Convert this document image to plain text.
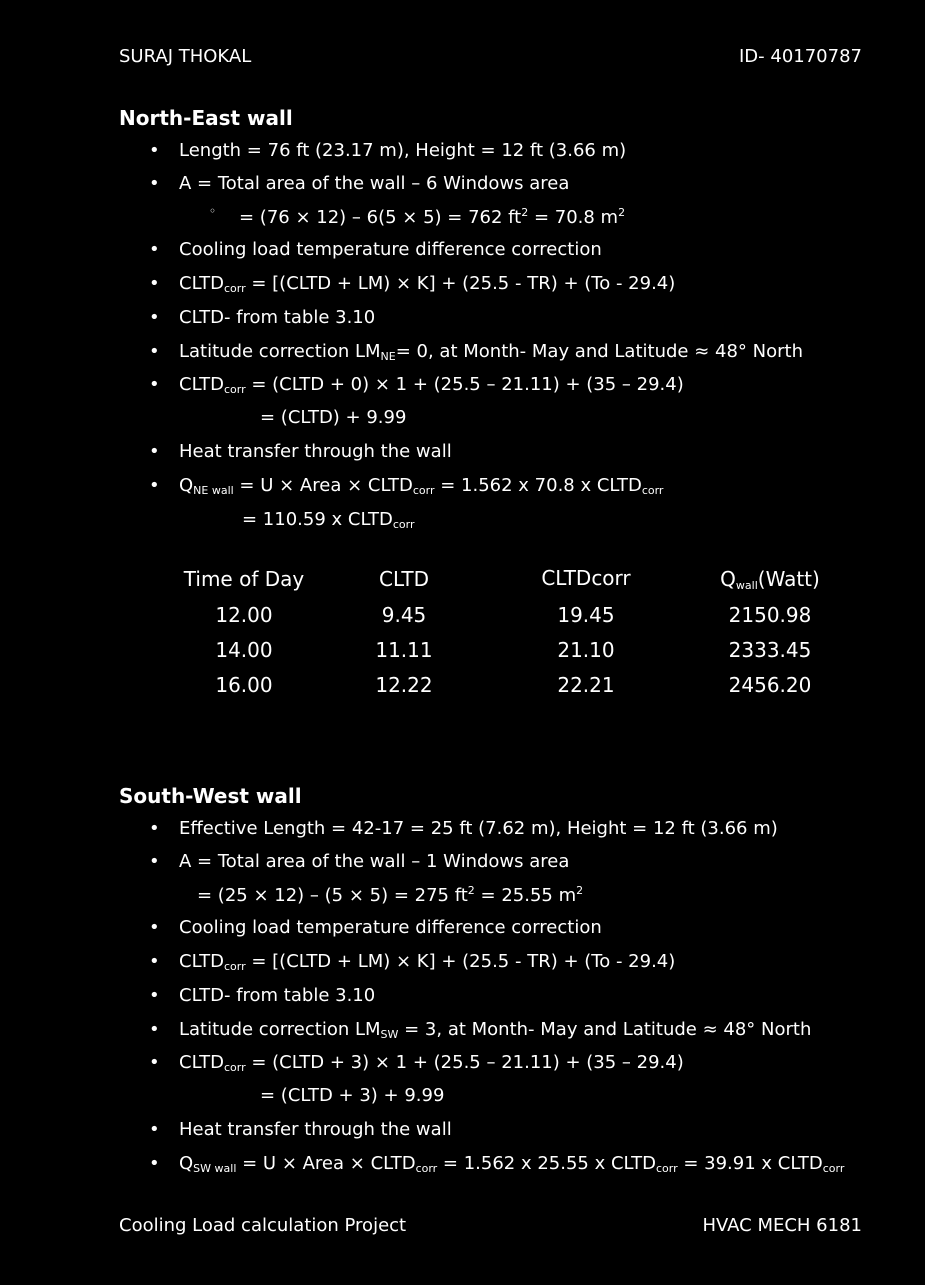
SURAJ THOKAL	ID- 40170787
North-East wall
• Length = 76 ft (23.17 m), Height = 12 ft (3.66 m)
• A = Total area of the wall – 6 Windows area
◦ = (76 × 12) – 6(5 × 5) = 762 $ft^2 = 70.8$ $m^2$
• Cooling load temperature difference correction
• $CLTD_{corr}$ = [(CLTD + LM) × K] + (25.5 - TR) + (To - 29.4)
• CLTD- from table 3.10
• Latitude correction $LM_{NE}= 0$, at Month- May and Latitude ≈ 48° North
• $CLTD_{corr}$ = (CLTD + 0) × 1 + (25.5 – 21.11) + (35 – 29.4)
= (CLTD) + 9.99
• Heat transfer through the wall
• $Q_{NE wall} = U$ × Area × $CLTD_{corr} = 1.562$ x 70.8 x $CLTD_{corr}$
= 110.59 x $CLTD_{corr}$
Time of Day	CLTD	CLTDcorr	$Q_{wall}(Watt)$
12.00	9.45	19.45	2150.98
14.00	11.11	21.10	2333.45
16.00	12.22	22.21	2456.20
South-West wall
• Effective Length = 42-17 = 25 ft (7.62 m), Height = 12 ft (3.66 m)
• A = Total area of the wall – 1 Windows area
= (25 × 12) – (5 × 5) = 275 $ft^2 = 25.55$ $m^2$
• Cooling load temperature difference correction
• $CLTD_{corr}$ = [(CLTD + LM) × K] + (25.5 - TR) + (To - 29.4)
• CLTD- from table 3.10
• Latitude correction $LM_{SW} = 3$, at Month- May and Latitude ≈ 48° North
• $CLTD_{corr}$ = (CLTD + 3) × 1 + (25.5 – 21.11) + (35 – 29.4)
= (CLTD + 3) + 9.99
• Heat transfer through the wall
• $Q_{SW wall} = U$ × Area × $CLTD_{corr} = 1.562$ x 25.55 x $CLTD_{corr} = 39.91$ x $CLTD_{corr}$
Cooling Load calculation Project	HVAC MECH 6181
